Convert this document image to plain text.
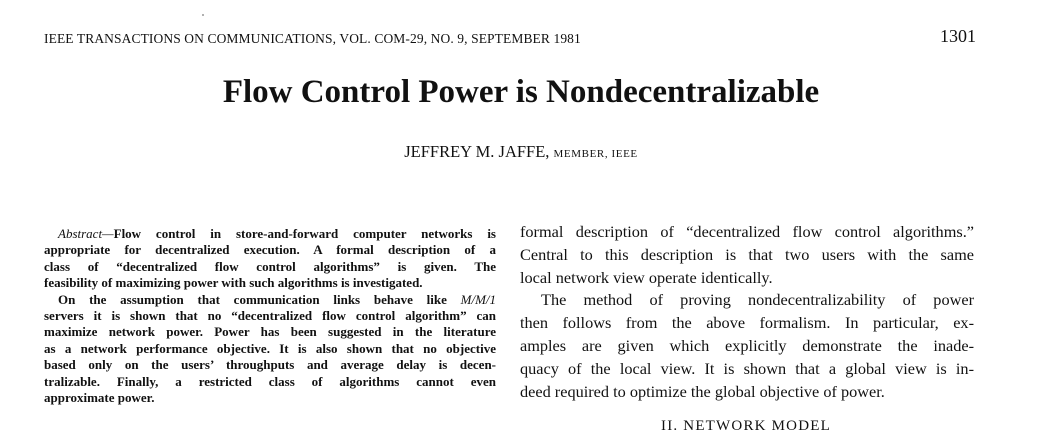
IEEE TRANSACTIONS ON COMMUNICATIONS, VOL. COM-29, NO. 9, SEPTEMBER 1981	1301
Flow Control Power is Nondecentralizable
JEFFREY M. JAFFE, MEMBER, IEEE
Abstract—Flow control in store-and-forward computer networks is
appropriate for decentralized execution. A formal description of a
class of “decentralized flow control algorithms” is given. The
feasibility of maximizing power with such algorithms is investigated.
On the assumption that communication links behave like M/M/1
servers it is shown that no “decentralized flow control algorithm” can
maximize network power. Power has been suggested in the literature
as a network performance objective. It is also shown that no objective
based only on the users’ throughputs and average delay is decen-
tralizable. Finally, a restricted class of algorithms cannot even
approximate power.
formal description of “decentralized flow control algorithms.”
Central to this description is that two users with the same
local network view operate identically.
The method of proving nondecentralizability of power
then follows from the above formalism. In particular, ex-
amples are given which explicitly demonstrate the inade-
quacy of the local view. It is shown that a global view is in-
deed required to optimize the global objective of power.
II. NETWORK MODEL
